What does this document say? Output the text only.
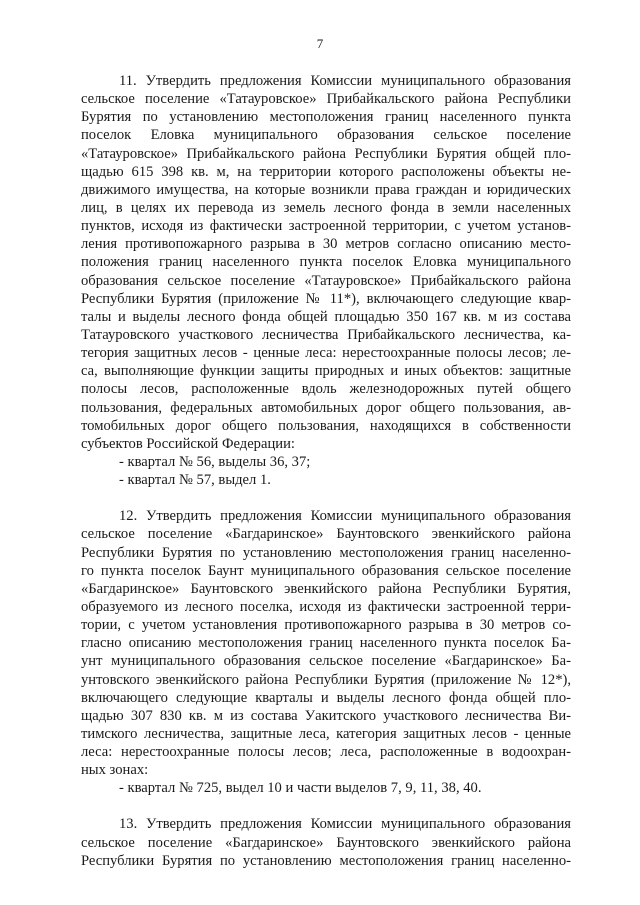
7
11. Утвердить предложения Комиссии муниципального образования
сельское поселение «Татауровское» Прибайкальского района Республики
Бурятия по установлению местоположения границ населенного пункта
поселок Еловка муниципального образования сельское поселение
«Татауровское» Прибайкальского района Республики Бурятия общей пло-
щадью 615 398 кв. м, на территории которого расположены объекты не-
движимого имущества, на которые возникли права граждан и юридических
лиц, в целях их перевода из земель лесного фонда в земли населенных
пунктов, исходя из фактически застроенной территории, с учетом установ-
ления противопожарного разрыва в 30 метров согласно описанию место-
положения границ населенного пункта поселок Еловка муниципального
образования сельское поселение «Татауровское» Прибайкальского района
Республики Бурятия (приложение № 11*), включающего следующие квар-
талы и выделы лесного фонда общей площадью 350 167 кв. м из состава
Татауровского участкового лесничества Прибайкальского лесничества, ка-
тегория защитных лесов - ценные леса: нерестоохранные полосы лесов; ле-
са, выполняющие функции защиты природных и иных объектов: защитные
полосы лесов, расположенные вдоль железнодорожных путей общего
пользования, федеральных автомобильных дорог общего пользования, ав-
томобильных дорог общего пользования, находящихся в собственности
субъектов Российской Федерации:
- квартал № 56, выделы 36, 37;
- квартал № 57, выдел 1.
12. Утвердить предложения Комиссии муниципального образования
сельское поселение «Багдаринское» Баунтовского эвенкийского района
Республики Бурятия по установлению местоположения границ населенно-
го пункта поселок Баунт муниципального образования сельское поселение
«Багдаринское» Баунтовского эвенкийского района Республики Бурятия,
образуемого из лесного поселка, исходя из фактически застроенной терри-
тории, с учетом установления противопожарного разрыва в 30 метров со-
гласно описанию местоположения границ населенного пункта поселок Ба-
унт муниципального образования сельское поселение «Багдаринское» Ба-
унтовского эвенкийского района Республики Бурятия (приложение № 12*),
включающего следующие кварталы и выделы лесного фонда общей пло-
щадью 307 830 кв. м из состава Уакитского участкового лесничества Ви-
тимского лесничества, защитные леса, категория защитных лесов - ценные
леса: нерестоохранные полосы лесов; леса, расположенные в водоохран-
ных зонах:
- квартал № 725, выдел 10 и части выделов 7, 9, 11, 38, 40.
13. Утвердить предложения Комиссии муниципального образования
сельское поселение «Багдаринское» Баунтовского эвенкийского района
Республики Бурятия по установлению местоположения границ населенно-
